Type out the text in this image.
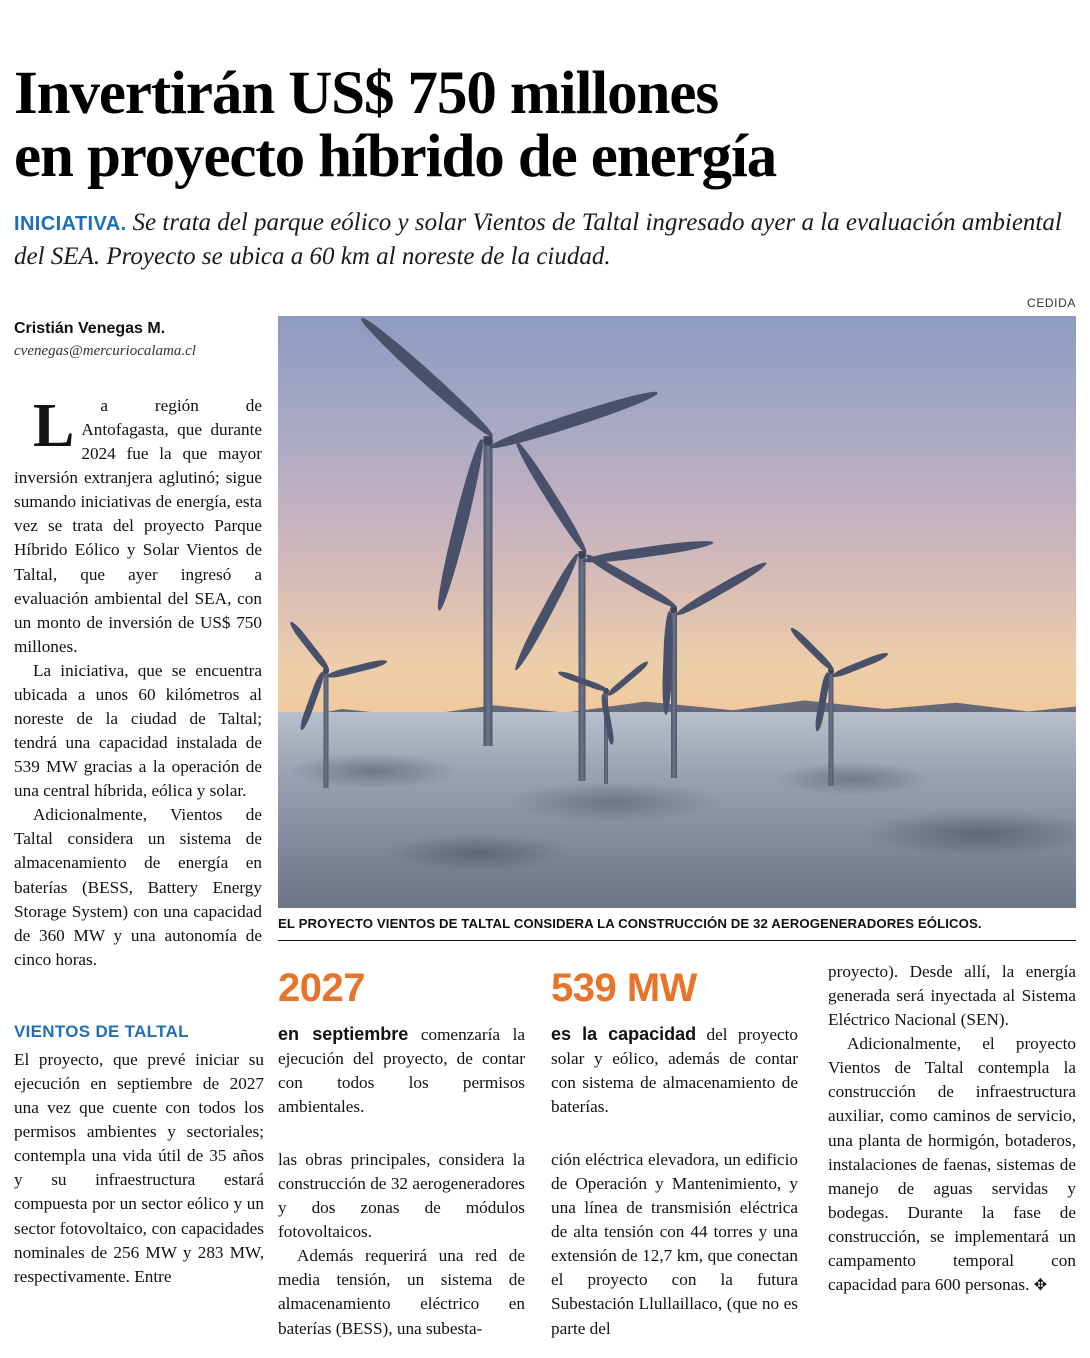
Invertirán US$ 750 millones
en proyecto híbrido de energía
INICIATIVA. Se trata del parque eólico y solar Vientos de Taltal ingresado ayer a la evaluación ambiental del SEA. Proyecto se ubica a 60 km al noreste de la ciudad.
Cristián Venegas M.
cvenegas@mercuriocalama.cl
CEDIDA
EL PROYECTO VIENTOS DE TALTAL CONSIDERA LA CONSTRUCCIÓN DE 32 AEROGENERADORES EÓLICOS.

L	a región de Antofagasta, que durante 2024 fue la que mayor inversión extranjera aglutinó; sigue sumando iniciativas de energía, esta vez se trata del proyecto Parque Híbrido Eólico y Solar Vientos de Taltal, que ayer ingresó a evaluación ambiental del SEA, con un monto de inversión de US$ 750 millones.

La iniciativa, que se encuentra ubicada a unos 60 kilómetros al noreste de la ciudad de Taltal; tendrá una capacidad instalada de 539 MW gracias a la operación de una central híbrida, eólica y solar.

Adicionalmente, Vientos de Taltal considera un sistema de almacenamiento de energía en baterías (BESS, Battery Energy Storage System) con una capacidad de 360 MW y una autonomía de cinco horas.

VIENTOS DE TALTAL

El proyecto, que prevé iniciar su ejecución en septiembre de 2027 una vez que cuente con todos los permisos ambientes y sectoriales; contempla una vida útil de 35 años y su infraestructura estará compuesta por un sector eólico y un sector fotovoltaico, con capacidades nominales de 256 MW y 283 MW, respectivamente. Entre

2027
en septiembre comenzaría la ejecución del proyecto, de contar con todos los permisos ambientales.
539 MW
es la capacidad del proyecto solar y eólico, además de contar con sistema de almacenamiento de baterías.

las obras principales, considera la construcción de 32 aerogeneradores y dos zonas de módulos fotovoltaicos.

Además requerirá una red de media tensión, un sistema de almacenamiento eléctrico en baterías (BESS), una subesta-

ción eléctrica elevadora, un edificio de Operación y Mantenimiento, y una línea de transmisión eléctrica de alta tensión con 44 torres y una extensión de 12,7 km, que conectan el proyecto con la futura Subestación Llullaillaco, (que no es parte del

proyecto). Desde allí, la energía generada será inyectada al Sistema Eléctrico Nacional (SEN).

Adicionalmente, el proyecto Vientos de Taltal contempla la construcción de infraestructura auxiliar, como caminos de servicio, una planta de hormigón, botaderos, instalaciones de faenas, sistemas de manejo de aguas servidas y bodegas. Durante la fase de construcción, se implementará un campamento temporal con capacidad para 600 personas. ✥
